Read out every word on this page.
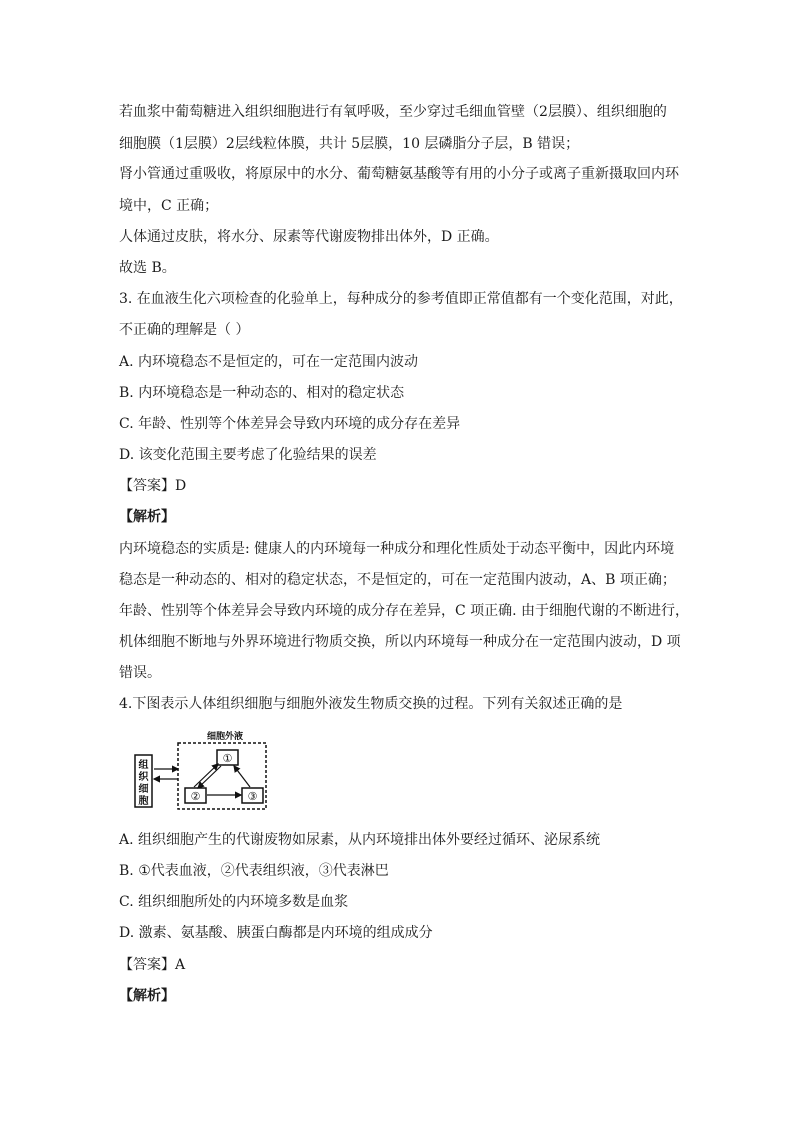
若血浆中葡萄糖进入组织细胞进行有氧呼吸，至少穿过毛细血管壁（2层膜）、组织细胞的
细胞膜（1层膜）2层线粒体膜，共计 5层膜，10 层磷脂分子层，B 错误；
肾小管通过重吸收，将原尿中的水分、葡萄糖氨基酸等有用的小分子或离子重新摄取回内环
境中，C 正确；
人体通过皮肤，将水分、尿素等代谢废物排出体外，D 正确。
故选 B。
3. 在血液生化六项检查的化验单上，每种成分的参考值即正常值都有一个变化范围，对此，
不正确的理解是（ ）
A. 内环境稳态不是恒定的，可在一定范围内波动
B. 内环境稳态是一种动态的、相对的稳定状态
C. 年龄、性别等个体差异会导致内环境的成分存在差异
D. 该变化范围主要考虑了化验结果的误差
【答案】D
【解析】
内环境稳态的实质是: 健康人的内环境每一种成分和理化性质处于动态平衡中，因此内环境
稳态是一种动态的、相对的稳定状态，不是恒定的，可在一定范围内波动，A、B 项正确；
年龄、性别等个体差异会导致内环境的成分存在差异，C 项正确. 由于细胞代谢的不断进行，
机体细胞不断地与外界环境进行物质交换，所以内环境每一种成分在一定范围内波动，D 项
错误。
4.下图表示人体组织细胞与细胞外液发生物质交换的过程。下列有关叙述正确的是
细胞外液
组
织
细
胞
①
②	③
A. 组织细胞产生的代谢废物如尿素，从内环境排出体外要经过循环、泌尿系统
B. ①代表血液，②代表组织液，③代表淋巴
C. 组织细胞所处的内环境多数是血浆
D. 激素、氨基酸、胰蛋白酶都是内环境的组成成分
【答案】A
【解析】
